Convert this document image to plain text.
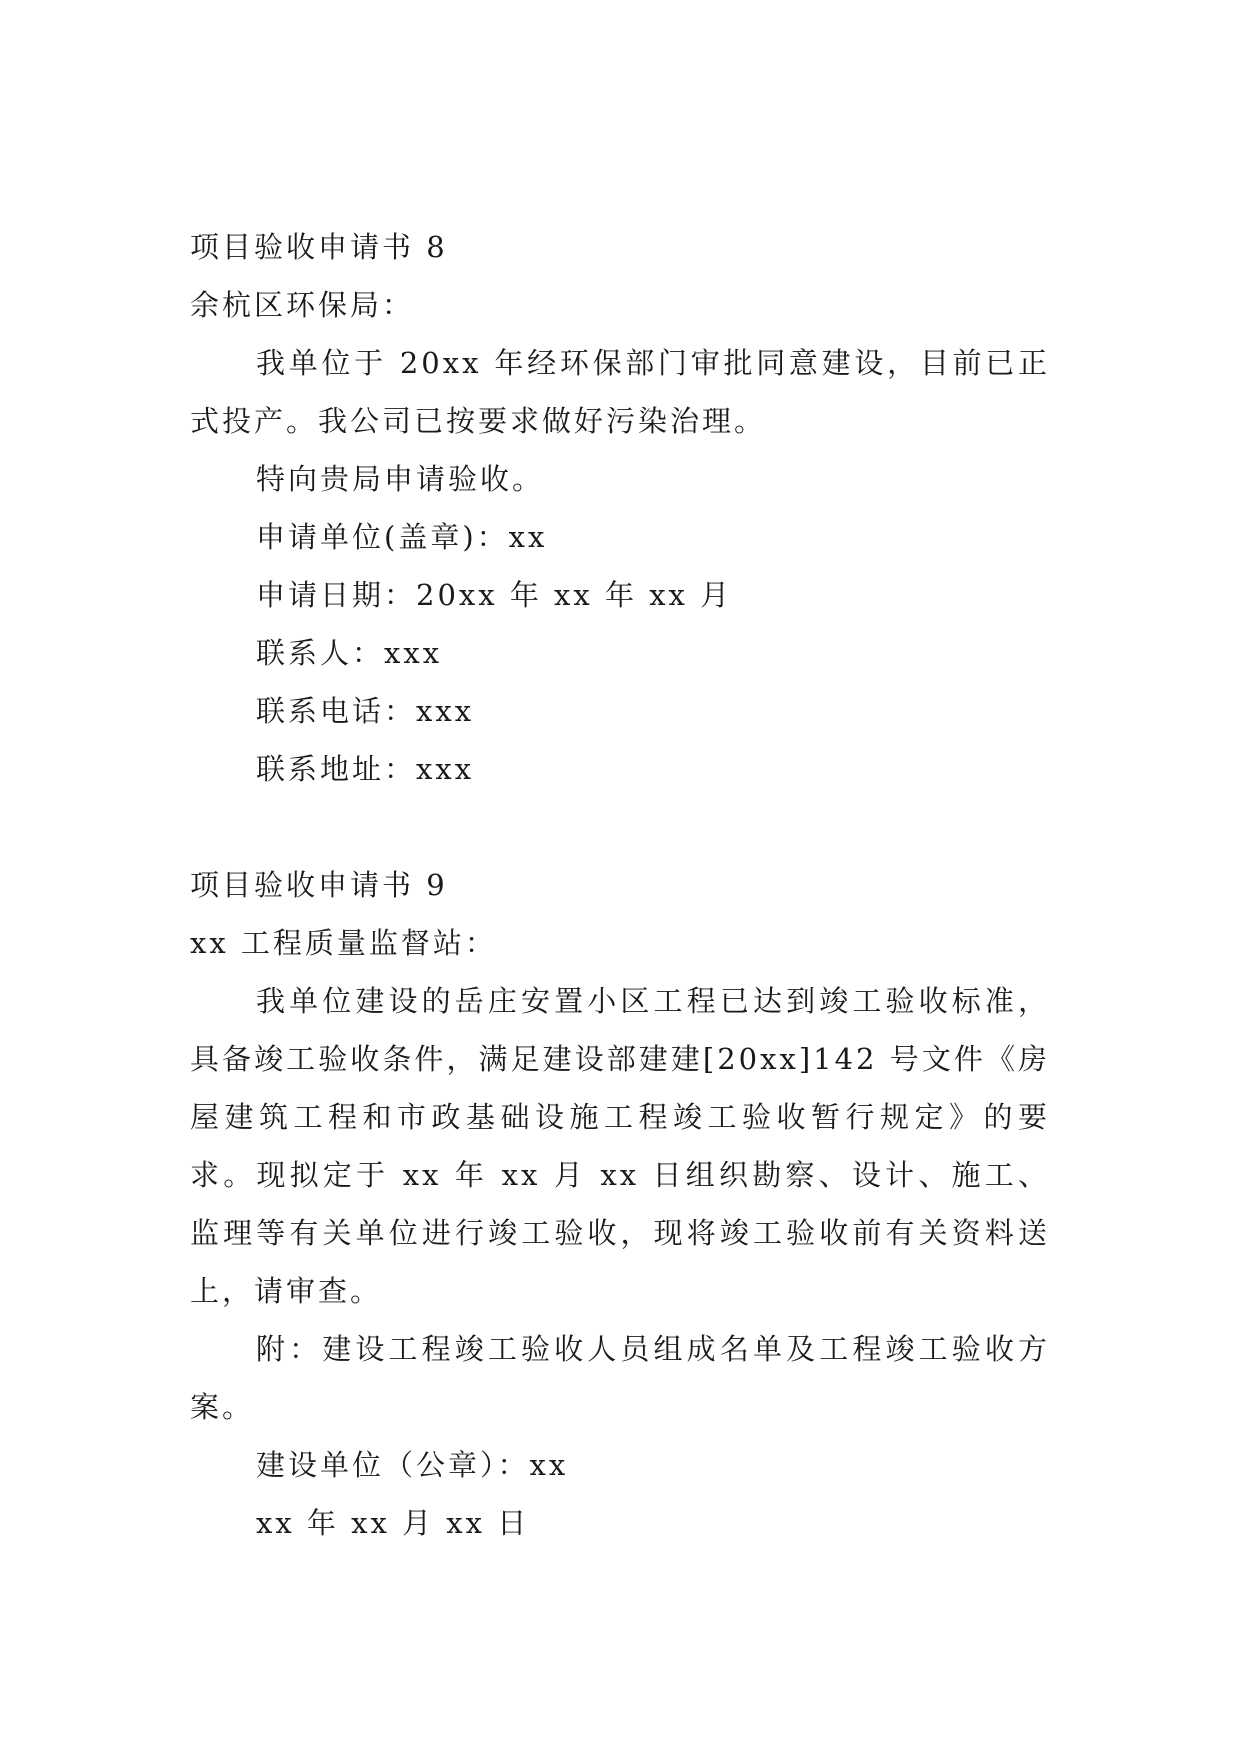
项目验收申请书 8
余杭区环保局：
我单位于 20xx 年经环保部门审批同意建设，目前已正式投产。我公司已按要求做好污染治理。
特向贵局申请验收。
申请单位(盖章)：xx
申请日期：20xx 年 xx 年 xx 月
联系人：xxx
联系电话：xxx
联系地址：xxx
项目验收申请书 9
xx 工程质量监督站：
我单位建设的岳庄安置小区工程已达到竣工验收标准，具备竣工验收条件，满足建设部建建[20xx]142 号文件《房屋建筑工程和市政基础设施工程竣工验收暂行规定》的要求。现拟定于 xx 年 xx 月 xx 日组织勘察、设计、施工、监理等有关单位进行竣工验收，现将竣工验收前有关资料送上，请审查。
附：建设工程竣工验收人员组成名单及工程竣工验收方案。
建设单位（公章）：xx
xx 年 xx 月 xx 日
